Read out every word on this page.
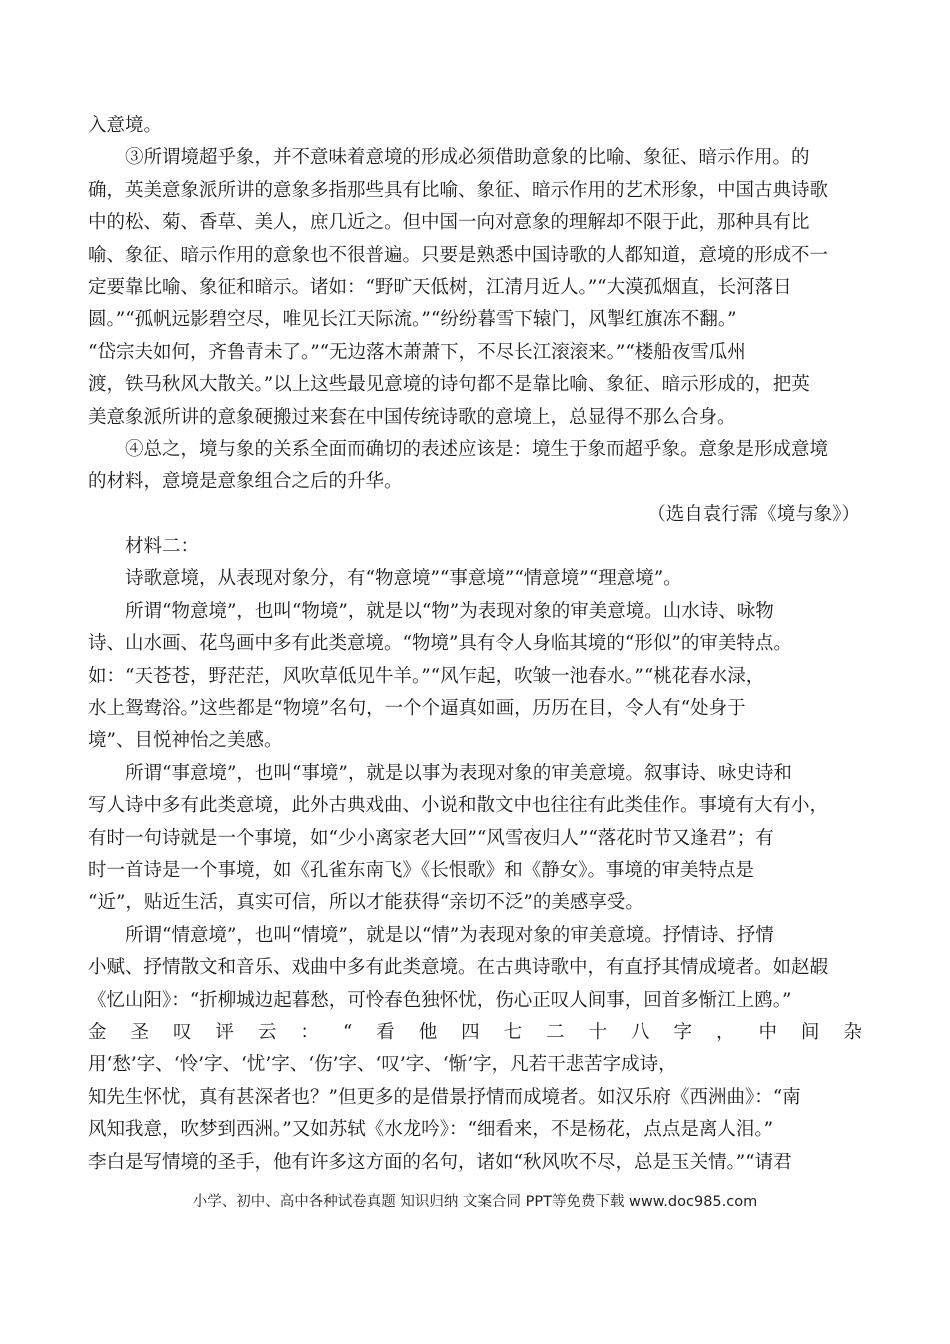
入意境。
③所谓境超乎象，并不意味着意境的形成必须借助意象的比喻、象征、暗示作用。的
确，英美意象派所讲的意象多指那些具有比喻、象征、暗示作用的艺术形象，中国古典诗歌
中的松、菊、香草、美人，庶几近之。但中国一向对意象的理解却不限于此，那种具有比
喻、象征、暗示作用的意象也不很普遍。只要是熟悉中国诗歌的人都知道，意境的形成不一
定要靠比喻、象征和暗示。诸如：“野旷天低树，江清月近人。”“大漠孤烟直，长河落日
圆。”“孤帆远影碧空尽，唯见长江天际流。”“纷纷暮雪下辕门，风掣红旗冻不翻。”
“岱宗夫如何，齐鲁青未了。”“无边落木萧萧下，不尽长江滚滚来。”“楼船夜雪瓜州
渡，铁马秋风大散关。”以上这些最见意境的诗句都不是靠比喻、象征、暗示形成的，把英
美意象派所讲的意象硬搬过来套在中国传统诗歌的意境上，总显得不那么合身。
④总之，境与象的关系全面而确切的表述应该是：境生于象而超乎象。意象是形成意境
的材料，意境是意象组合之后的升华。
（选自袁行霈《境与象》）
材料二：
诗歌意境，从表现对象分，有“物意境”“事意境”“情意境”“理意境”。
所谓“物意境”，也叫“物境”，就是以“物”为表现对象的审美意境。山水诗、咏物
诗、山水画、花鸟画中多有此类意境。“物境”具有令人身临其境的“形似”的审美特点。
如：“天苍苍，野茫茫，风吹草低见牛羊。”“风乍起，吹皱一池春水。”“桃花春水渌，
水上鸳鸯浴。”这些都是“物境”名句，一个个逼真如画，历历在目，令人有“处身于
境”、目悦神怡之美感。
所谓“事意境”，也叫“事境”，就是以事为表现对象的审美意境。叙事诗、咏史诗和
写人诗中多有此类意境，此外古典戏曲、小说和散文中也往往有此类佳作。事境有大有小，
有时一句诗就是一个事境，如“少小离家老大回”“风雪夜归人”“落花时节又逢君”；有
时一首诗是一个事境，如《孔雀东南飞》《长恨歌》和《静女》。事境的审美特点是
“近”，贴近生活，真实可信，所以才能获得“亲切不泛”的美感享受。
所谓“情意境”，也叫“情境”，就是以“情”为表现对象的审美意境。抒情诗、抒情
小赋、抒情散文和音乐、戏曲中多有此类意境。在古典诗歌中，有直抒其情成境者。如赵嘏
《忆山阳》：“折柳城边起暮愁，可怜春色独怀忧，伤心正叹人间事，回首多惭江上鸥。”
金 圣 叹 评 云 ： “ 看 他 四 七 二 十 八 字 ， 中 间 杂
用‘愁’字、‘怜’字、‘忧’字、‘伤’字、‘叹’字、‘惭’字，凡若干悲苦字成诗，
知先生怀忧，真有甚深者也？”但更多的是借景抒情而成境者。如汉乐府《西洲曲》：“南
风知我意，吹梦到西洲。”又如苏轼《水龙吟》：“细看来，不是杨花，点点是离人泪。”
李白是写情境的圣手，他有许多这方面的名句，诸如“秋风吹不尽，总是玉关情。”“请君
小学、初中、高中各种试卷真题 知识归纳 文案合同 PPT等免费下载 www.doc985.com
